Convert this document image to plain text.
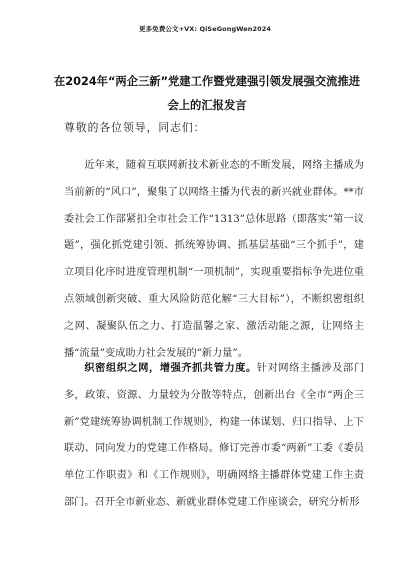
更多免费公文+VX: QiSeGongWen2024
在2024年“两企三新”党建工作暨党建强引领发展强交流推进会上的汇报发言
尊敬的各位领导，同志们：

近年来，随着互联网新技术新业态的不断发展，网络主播成为当前新的“风口”，聚集了以网络主播为代表的新兴就业群体。**市委社会工作部紧扣全市社会工作“1313”总体思路（即落实“第一议题”，强化抓党建引领、抓统筹协调、抓基层基础“三个抓手”，建立项目化序时进度管理机制“一项机制”，实现重要指标争先进位重点领域创新突破、重大风险防范化解“三大目标”），不断织密组织之网、凝聚队伍之力、打造温馨之家、激活动能之源，让网络主播“流量”变成助力社会发展的“新力量”。

织密组织之网，增强齐抓共管力度。针对网络主播涉及部门多，政策、资源、力量较为分散等特点，创新出台《全市“两企三新”党建统筹协调机制工作规则》，构建一体谋划、归口指导、上下联动、同向发力的党建工作格局。修订完善市委“两新”工委《委员单位工作职责》和《工作规则》，明确网络主播群体党建工作主责部门。召开全市新业态、新就业群体党建工作座谈会，研究分析形
